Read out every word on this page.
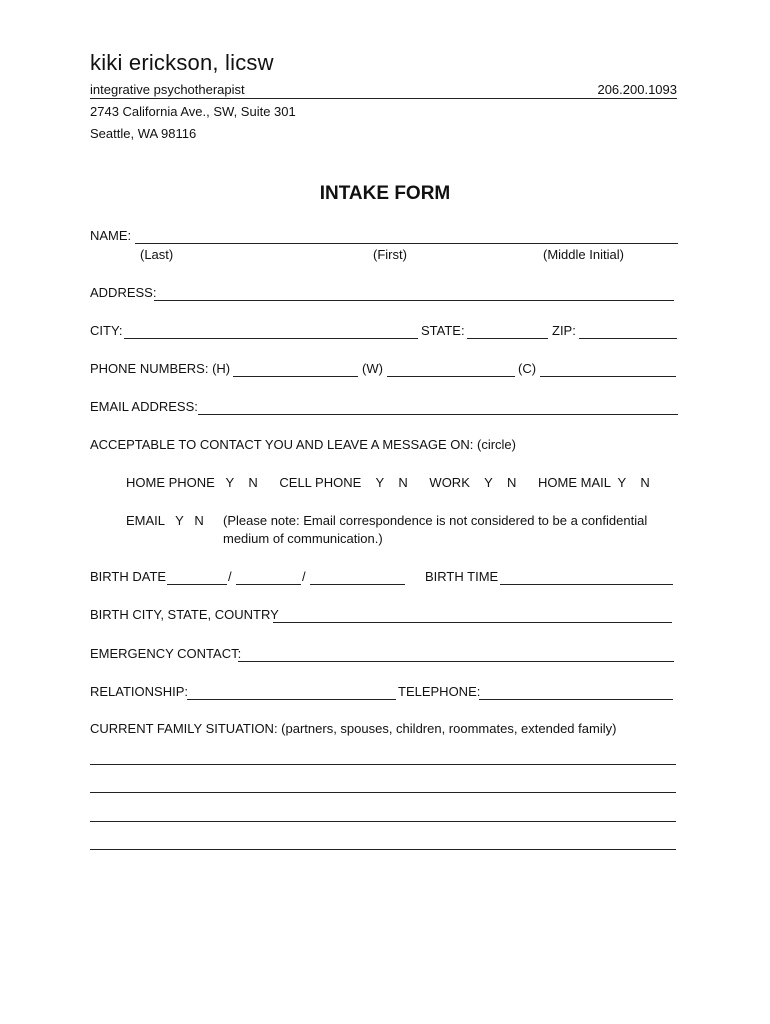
kiki erickson, licsw
integrative psychotherapist	206.200.1093
2743 California Ave., SW, Suite 301
Seattle, WA 98116
INTAKE FORM
NAME:
(Last)	(First)	(Middle Initial)
ADDRESS:
CITY:	STATE:	ZIP:
PHONE NUMBERS: (H)	(W)	(C)
EMAIL ADDRESS:
ACCEPTABLE TO CONTACT YOU AND LEAVE A MESSAGE ON: (circle)
HOME PHONE   Y    N      CELL PHONE    Y    N      WORK    Y    N      HOME MAIL  Y    N
EMAIL   Y   N (Please note: Email correspondence is not considered to be a confidential
medium of communication.)
BIRTH DATE	/	/	BIRTH TIME
BIRTH CITY, STATE, COUNTRY
EMERGENCY CONTACT:
RELATIONSHIP:	TELEPHONE:
CURRENT FAMILY SITUATION: (partners, spouses, children, roommates, extended family)
